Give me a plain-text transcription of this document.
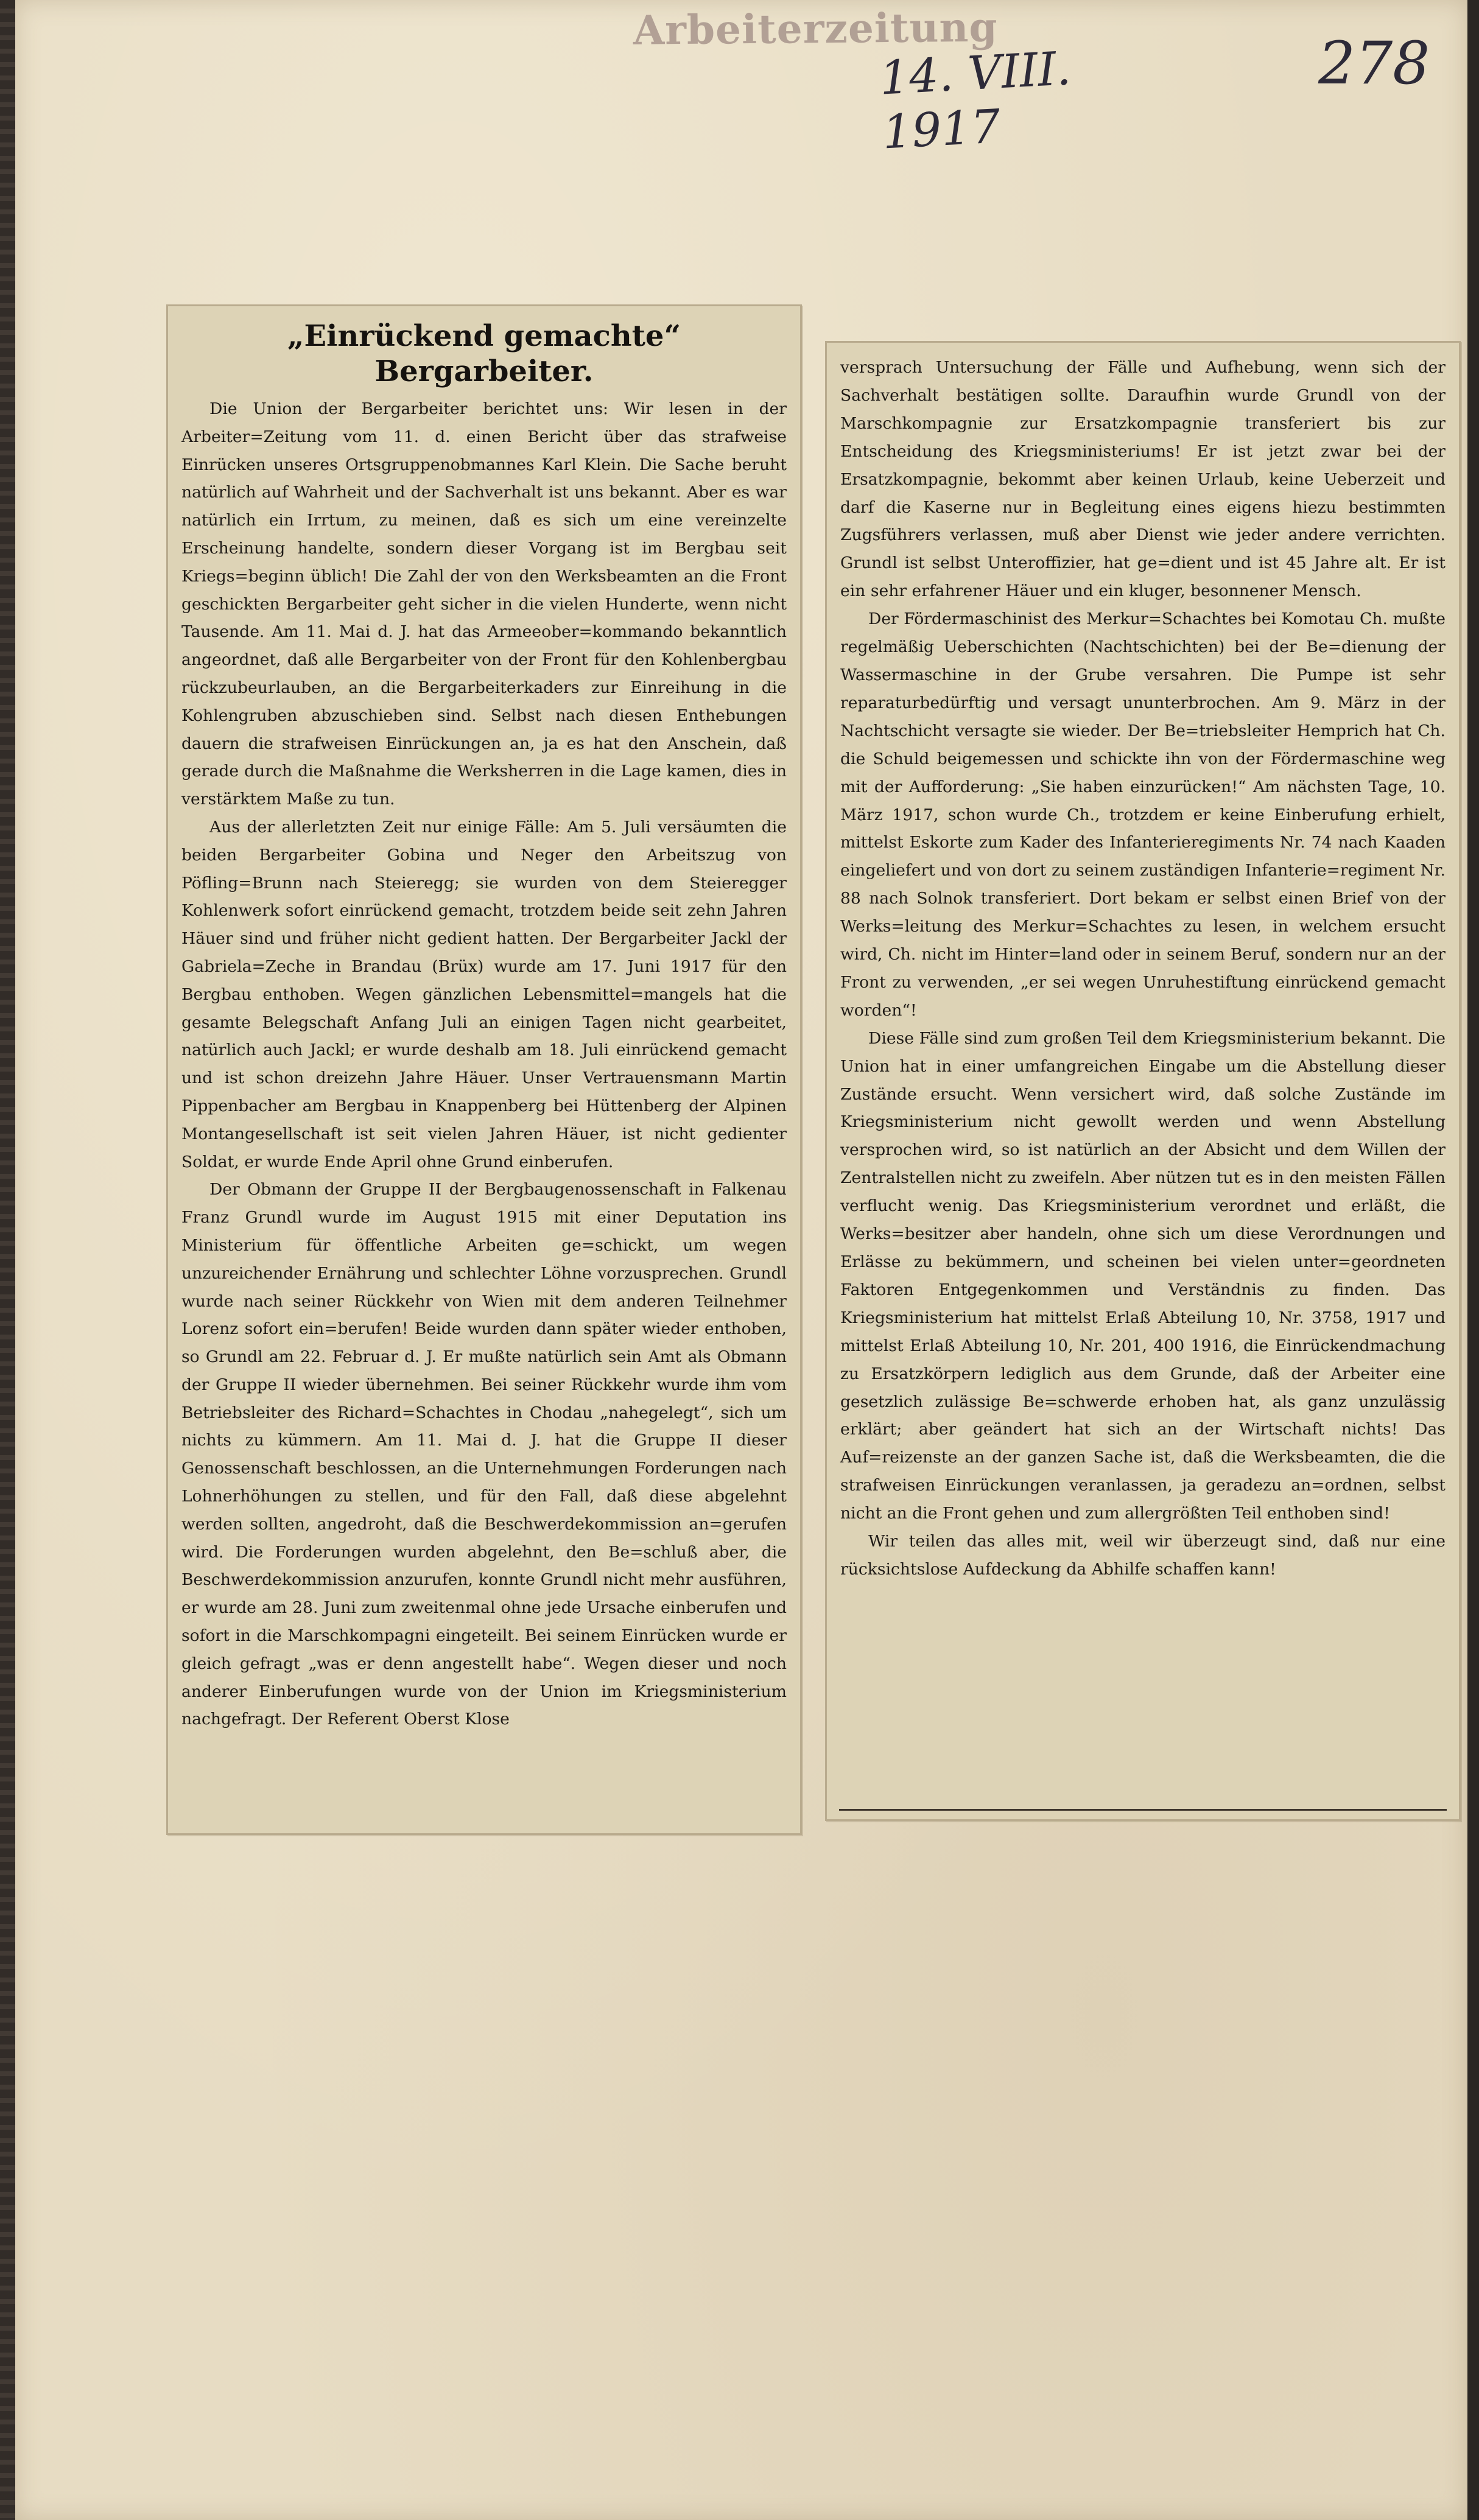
Arbeiterzeitung
14. VIII. 1917
278
„Einrückend gemachte“ Bergarbeiter.

Die Union der Bergarbeiter berichtet uns: Wir lesen in der Arbeiter=Zeitung vom 11. d. einen Bericht über das strafweise Einrücken unseres Ortsgruppenobmannes Karl Klein. Die Sache beruht natürlich auf Wahrheit und der Sachverhalt ist uns bekannt. Aber es war natürlich ein Irrtum, zu meinen, daß es sich um eine vereinzelte Erscheinung handelte, sondern dieser Vorgang ist im Bergbau seit Kriegs=beginn üblich! Die Zahl der von den Werksbeamten an die Front geschickten Bergarbeiter geht sicher in die vielen Hunderte, wenn nicht Tausende. Am 11. Mai d. J. hat das Armeeober=kommando bekanntlich angeordnet, daß alle Bergarbeiter von der Front für den Kohlenbergbau rückzubeurlauben, an die Bergarbeiterkaders zur Einreihung in die Kohlengruben abzuschieben sind. Selbst nach diesen Enthebungen dauern die strafweisen Einrückungen an, ja es hat den Anschein, daß gerade durch die Maßnahme die Werksherren in die Lage kamen, dies in verstärktem Maße zu tun.

Aus der allerletzten Zeit nur einige Fälle: Am 5. Juli versäumten die beiden Bergarbeiter Gobina und Neger den Arbeitszug von Pöfling=Brunn nach Steieregg; sie wurden von dem Steieregger Kohlenwerk sofort einrückend gemacht, trotzdem beide seit zehn Jahren Häuer sind und früher nicht gedient hatten. Der Bergarbeiter Jackl der Gabriela=Zeche in Brandau (Brüx) wurde am 17. Juni 1917 für den Bergbau enthoben. Wegen gänzlichen Lebensmittel=mangels hat die gesamte Belegschaft Anfang Juli an einigen Tagen nicht gearbeitet, natürlich auch Jackl; er wurde deshalb am 18. Juli einrückend gemacht und ist schon dreizehn Jahre Häuer. Unser Vertrauensmann Martin Pippenbacher am Bergbau in Knappenberg bei Hüttenberg der Alpinen Montangesellschaft ist seit vielen Jahren Häuer, ist nicht gedienter Soldat, er wurde Ende April ohne Grund einberufen.

Der Obmann der Gruppe II der Bergbaugenossenschaft in Falkenau Franz Grundl wurde im August 1915 mit einer Deputation ins Ministerium für öffentliche Arbeiten ge=schickt, um wegen unzureichender Ernährung und schlechter Löhne vorzusprechen. Grundl wurde nach seiner Rückkehr von Wien mit dem anderen Teilnehmer Lorenz sofort ein=berufen! Beide wurden dann später wieder enthoben, so Grundl am 22. Februar d. J. Er mußte natürlich sein Amt als Obmann der Gruppe II wieder übernehmen. Bei seiner Rückkehr wurde ihm vom Betriebsleiter des Richard=Schachtes in Chodau „nahegelegt“, sich um nichts zu kümmern. Am 11. Mai d. J. hat die Gruppe II dieser Genossenschaft beschlossen, an die Unternehmungen Forderungen nach Lohnerhöhungen zu stellen, und für den Fall, daß diese abgelehnt werden sollten, angedroht, daß die Beschwerdekommission an=gerufen wird. Die Forderungen wurden abgelehnt, den Be=schluß aber, die Beschwerdekommission anzurufen, konnte Grundl nicht mehr ausführen, er wurde am 28. Juni zum zweitenmal ohne jede Ursache einberufen und sofort in die Marschkompagni eingeteilt. Bei seinem Einrücken wurde er gleich gefragt „was er denn angestellt habe“. Wegen dieser und noch anderer Einberufungen wurde von der Union im Kriegsministerium nachgefragt. Der Referent Oberst Klose

versprach Untersuchung der Fälle und Aufhebung, wenn sich der Sachverhalt bestätigen sollte. Daraufhin wurde Grundl von der Marschkompagnie zur Ersatzkompagnie transferiert bis zur Entscheidung des Kriegsministeriums! Er ist jetzt zwar bei der Ersatzkompagnie, bekommt aber keinen Urlaub, keine Ueberzeit und darf die Kaserne nur in Begleitung eines eigens hiezu bestimmten Zugsführers verlassen, muß aber Dienst wie jeder andere verrichten. Grundl ist selbst Unteroffizier, hat ge=dient und ist 45 Jahre alt. Er ist ein sehr erfahrener Häuer und ein kluger, besonnener Mensch.

Der Fördermaschinist des Merkur=Schachtes bei Komotau Ch. mußte regelmäßig Ueberschichten (Nachtschichten) bei der Be=dienung der Wassermaschine in der Grube versahren. Die Pumpe ist sehr reparaturbedürftig und versagt ununterbrochen. Am 9. März in der Nachtschicht versagte sie wieder. Der Be=triebsleiter Hemprich hat Ch. die Schuld beigemessen und schickte ihn von der Fördermaschine weg mit der Aufforderung: „Sie haben einzurücken!“ Am nächsten Tage, 10. März 1917, schon wurde Ch., trotzdem er keine Einberufung erhielt, mittelst Eskorte zum Kader des Infanterieregiments Nr. 74 nach Kaaden eingeliefert und von dort zu seinem zuständigen Infanterie=regiment Nr. 88 nach Solnok transferiert. Dort bekam er selbst einen Brief von der Werks=leitung des Merkur=Schachtes zu lesen, in welchem ersucht wird, Ch. nicht im Hinter=land oder in seinem Beruf, sondern nur an der Front zu verwenden, „er sei wegen Unruhestiftung einrückend gemacht worden“!

Diese Fälle sind zum großen Teil dem Kriegsministerium bekannt. Die Union hat in einer umfangreichen Eingabe um die Abstellung dieser Zustände ersucht. Wenn versichert wird, daß solche Zustände im Kriegsministerium nicht gewollt werden und wenn Abstellung versprochen wird, so ist natürlich an der Absicht und dem Willen der Zentralstellen nicht zu zweifeln. Aber nützen tut es in den meisten Fällen verflucht wenig. Das Kriegsministerium verordnet und erläßt, die Werks=besitzer aber handeln, ohne sich um diese Verordnungen und Erlässe zu bekümmern, und scheinen bei vielen unter=geordneten Faktoren Entgegenkommen und Verständnis zu finden. Das Kriegsministerium hat mittelst Erlaß Abteilung 10, Nr. 3758, 1917 und mittelst Erlaß Abteilung 10, Nr. 201, 400 1916, die Einrückendmachung zu Ersatzkörpern lediglich aus dem Grunde, daß der Arbeiter eine gesetzlich zulässige Be=schwerde erhoben hat, als ganz unzulässig erklärt; aber geändert hat sich an der Wirtschaft nichts! Das Auf=reizenste an der ganzen Sache ist, daß die Werksbeamten, die die strafweisen Einrückungen veranlassen, ja geradezu an=ordnen, selbst nicht an die Front gehen und zum allergrößten Teil enthoben sind!

Wir teilen das alles mit, weil wir überzeugt sind, daß nur eine rücksichtslose Aufdeckung da Abhilfe schaffen kann!
